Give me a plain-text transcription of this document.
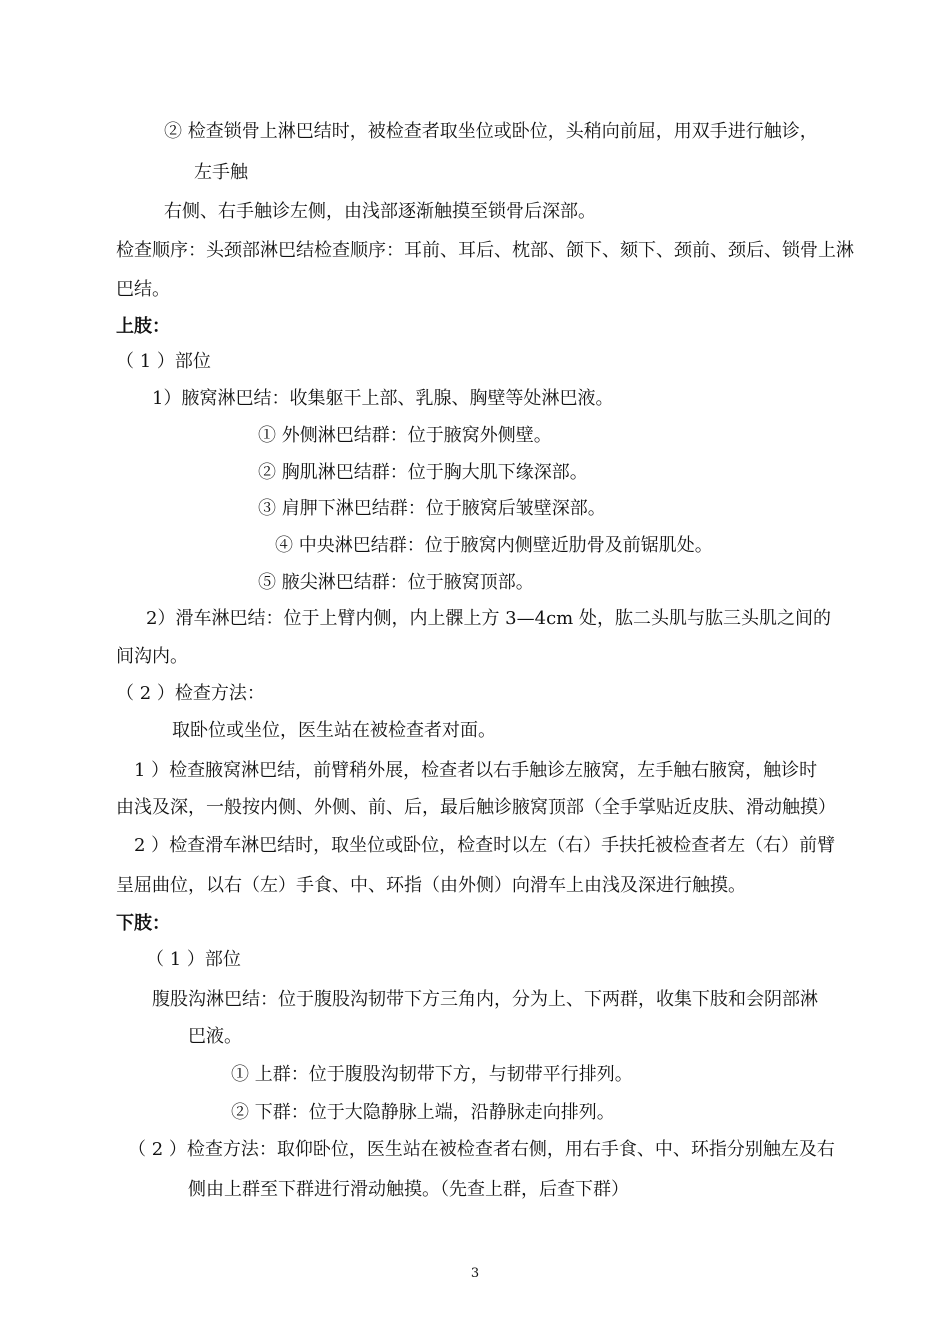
② 检查锁骨上淋巴结时，被检查者取坐位或卧位，头稍向前屈，用双手进行触诊，
左手触
右侧、右手触诊左侧，由浅部逐渐触摸至锁骨后深部。
检查顺序：头颈部淋巴结检查顺序：耳前、耳后、枕部、颌下、颏下、颈前、颈后、锁骨上淋
巴结。
上肢：
（ 1 ）部位
1）腋窝淋巴结：收集躯干上部、乳腺、胸壁等处淋巴液。
① 外侧淋巴结群：位于腋窝外侧壁。
② 胸肌淋巴结群：位于胸大肌下缘深部。
③ 肩胛下淋巴结群：位于腋窝后皱壁深部。
④ 中央淋巴结群：位于腋窝内侧壁近肋骨及前锯肌处。
⑤ 腋尖淋巴结群：位于腋窝顶部。
2）滑车淋巴结：位于上臂内侧，内上髁上方 3—4cm 处，肱二头肌与肱三头肌之间的
间沟内。
（ 2 ）检查方法：
取卧位或坐位，医生站在被检查者对面。
1 ）检查腋窝淋巴结，前臂稍外展，检查者以右手触诊左腋窝，左手触右腋窝，触诊时
由浅及深，一般按内侧、外侧、前、后，最后触诊腋窝顶部（全手掌贴近皮肤、滑动触摸）
2 ）检查滑车淋巴结时，取坐位或卧位，检查时以左（右）手扶托被检查者左（右）前臂
呈屈曲位，以右（左）手食、中、环指（由外侧）向滑车上由浅及深进行触摸。
下肢：
（ 1 ）部位
腹股沟淋巴结：位于腹股沟韧带下方三角内，分为上、下两群，收集下肢和会阴部淋
巴液。
① 上群：位于腹股沟韧带下方，与韧带平行排列。
② 下群：位于大隐静脉上端，沿静脉走向排列。
（ 2 ）检查方法：取仰卧位，医生站在被检查者右侧，用右手食、中、环指分别触左及右
侧由上群至下群进行滑动触摸。（先查上群，后查下群）
3
